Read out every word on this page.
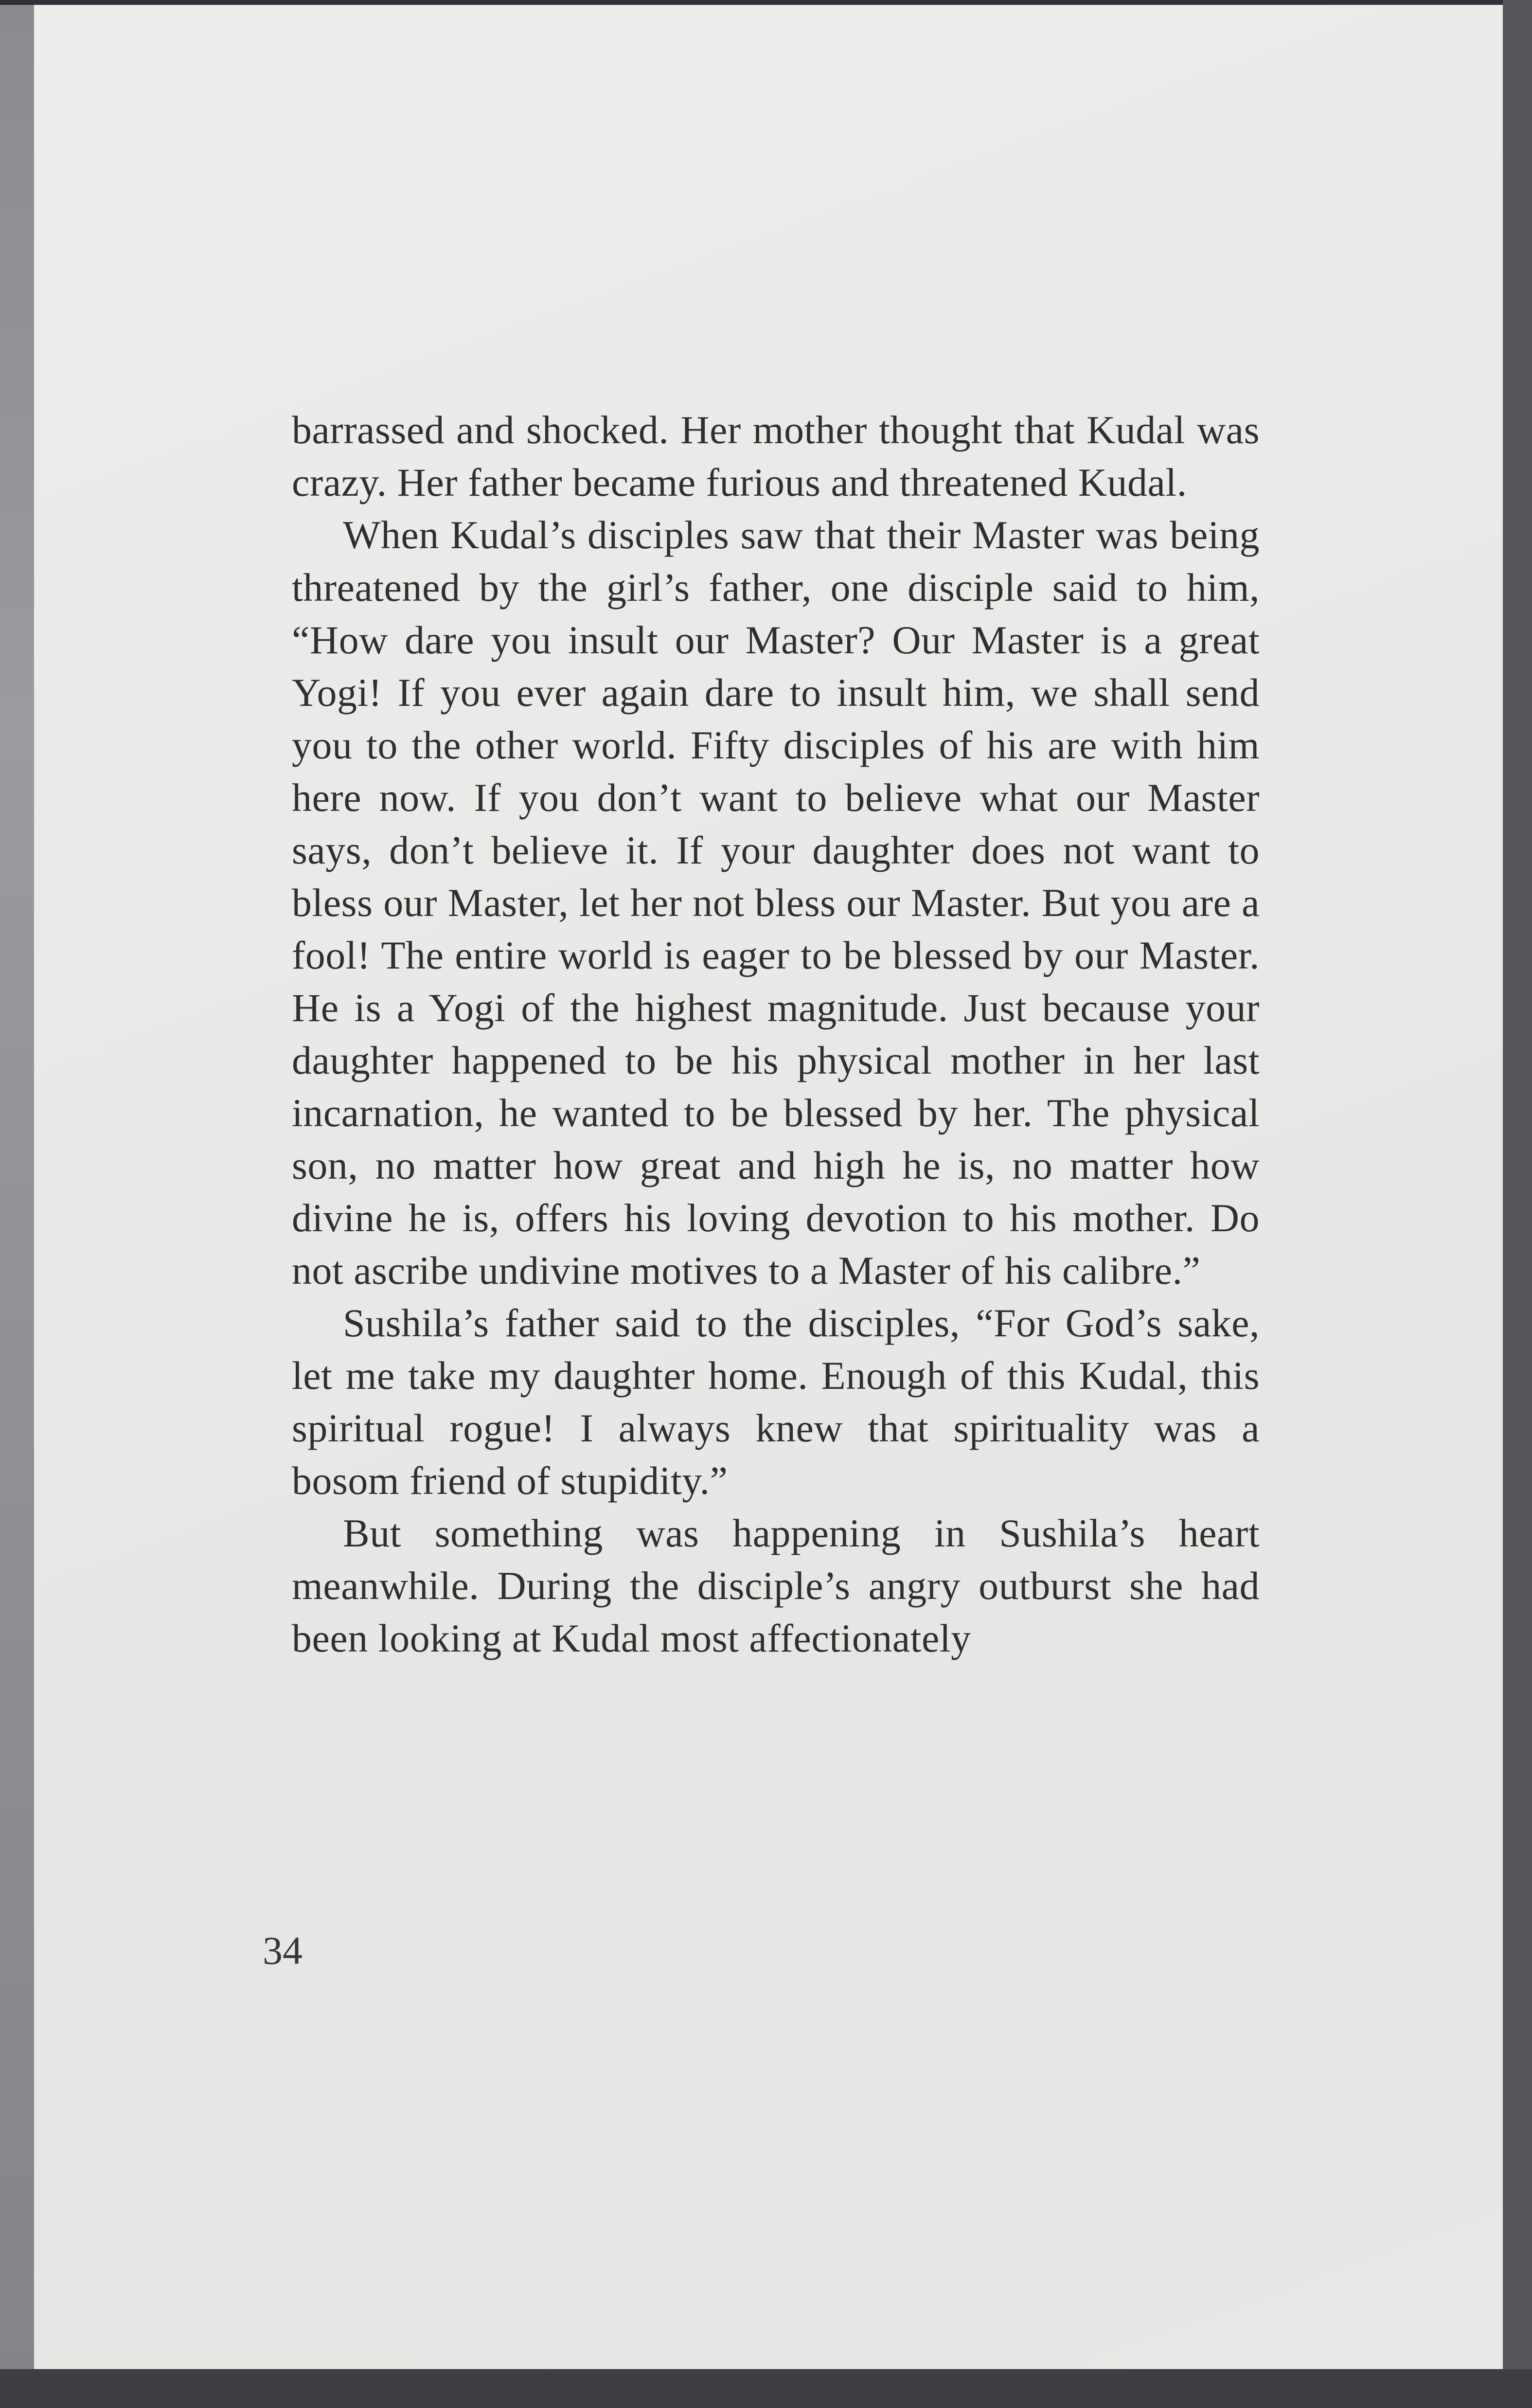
barrassed and shocked. Her mother thought that Kudal was crazy. Her father became furious and threatened Kudal.

When Kudal’s disciples saw that their Master was being threatened by the girl’s father, one disciple said to him, “How dare you insult our Master? Our Master is a great Yogi! If you ever again dare to insult him, we shall send you to the other world. Fifty disciples of his are with him here now. If you don’t want to believe what our Master says, don’t believe it. If your daughter does not want to bless our Master, let her not bless our Master. But you are a fool! The entire world is eager to be blessed by our Master. He is a Yogi of the highest magnitude. Just because your daughter happened to be his physical mother in her last incarnation, he wanted to be blessed by her. The physical son, no matter how great and high he is, no matter how divine he is, offers his loving devotion to his mother. Do not ascribe undivine motives to a Master of his calibre.”

Sushila’s father said to the disciples, “For God’s sake, let me take my daughter home. Enough of this Kudal, this spiritual rogue! I always knew that spirituality was a bosom friend of stupidity.”

But something was happening in Sushila’s heart meanwhile. During the disciple’s angry outburst she had been looking at Kudal most affectionately

34
